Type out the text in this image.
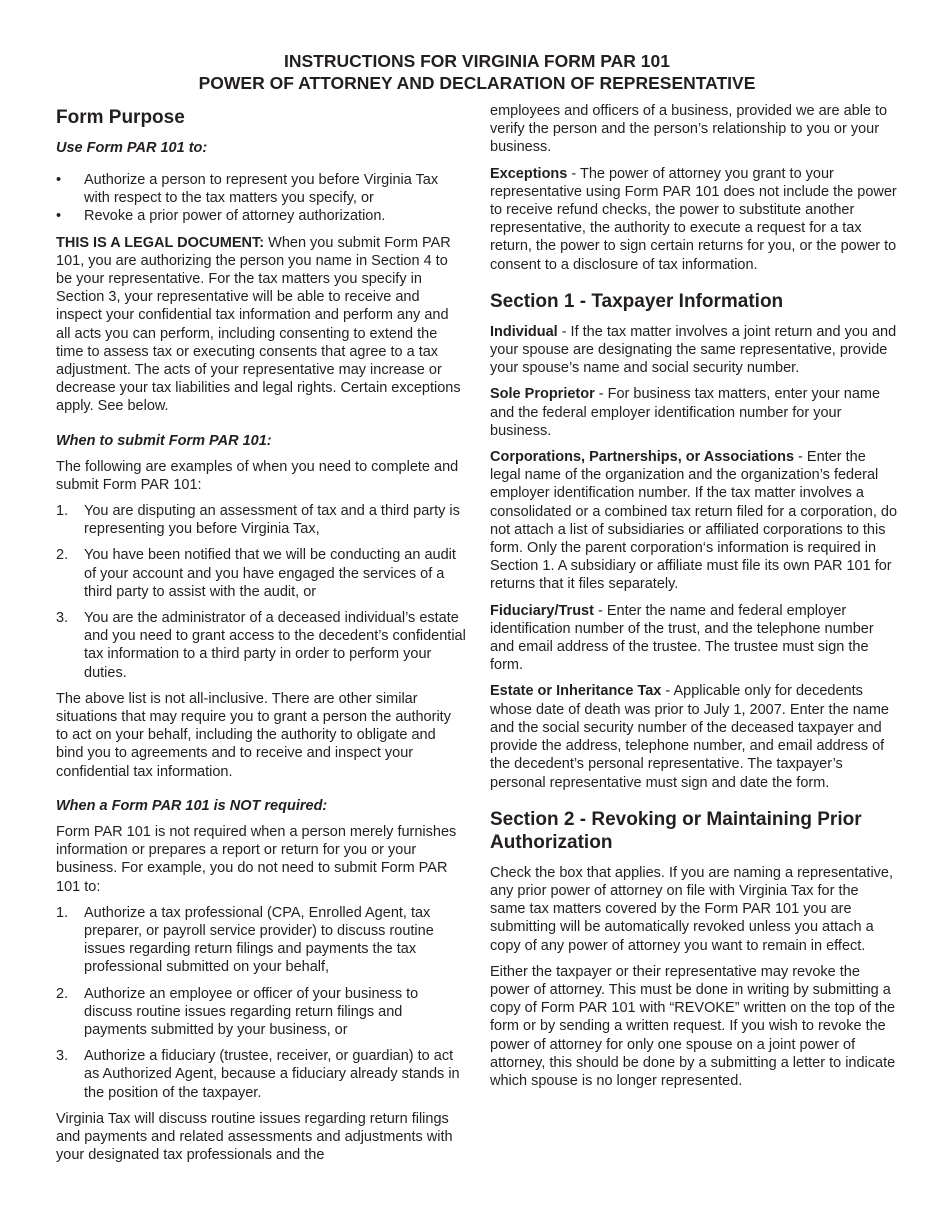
INSTRUCTIONS FOR VIRGINIA FORM PAR 101
POWER OF ATTORNEY AND DECLARATION OF REPRESENTATIVE
Form Purpose
Use Form PAR 101 to:
• Authorize a person to represent you before Virginia Tax with respect to the tax matters you specify, or
• Revoke a prior power of attorney authorization.

THIS IS A LEGAL DOCUMENT: When you submit Form PAR 101, you are authorizing the person you name in Section 4 to be your representative. For the tax matters you specify in Section 3, your representative will be able to receive and inspect your confidential tax information and perform any and all acts you can perform, including consenting to extend the time to assess tax or executing consents that agree to a tax adjustment. The acts of your representative may increase or decrease your tax liabilities and legal rights. Certain exceptions apply. See below.

When to submit Form PAR 101:

The following are examples of when you need to complete and submit Form PAR 101:

1. You are disputing an assessment of tax and a third party is representing you before Virginia Tax,
2. You have been notified that we will be conducting an audit of your account and you have engaged the services of a third party to assist with the audit, or
3. You are the administrator of a deceased individual’s estate and you need to grant access to the decedent’s confidential tax information to a third party in order to perform your duties.

The above list is not all-inclusive. There are other similar situations that may require you to grant a person the authority to act on your behalf, including the authority to obligate and bind you to agreements and to receive and inspect your confidential tax information.

When a Form PAR 101 is NOT required:

Form PAR 101 is not required when a person merely furnishes information or prepares a report or return for you or your business. For example, you do not need to submit Form PAR 101 to:

1. Authorize a tax professional (CPA, Enrolled Agent, tax preparer, or payroll service provider) to discuss routine issues regarding return filings and payments the tax professional submitted on your behalf,
2. Authorize an employee or officer of your business to discuss routine issues regarding return filings and payments submitted by your business, or
3. Authorize a fiduciary (trustee, receiver, or guardian) to act as Authorized Agent, because a fiduciary already stands in the position of the taxpayer.

Virginia Tax will discuss routine issues regarding return filings and payments and related assessments and adjustments with your designated tax professionals and the

employees and officers of a business, provided we are able to verify the person and the person’s relationship to you or your business.

Exceptions - The power of attorney you grant to your representative using Form PAR 101 does not include the power to receive refund checks, the power to substitute another representative, the authority to execute a request for a tax return, the power to sign certain returns for you, or the power to consent to a disclosure of tax information.

Section 1 - Taxpayer Information

Individual - If the tax matter involves a joint return and you and your spouse are designating the same representative, provide your spouse’s name and social security number.

Sole Proprietor - For business tax matters, enter your name and the federal employer identification number for your business.

Corporations, Partnerships, or Associations - Enter the legal name of the organization and the organization’s federal employer identification number. If the tax matter involves a consolidated or a combined tax return filed for a corporation, do not attach a list of subsidiaries or affiliated corporations to this form. Only the parent corporation‘s information is required in Section 1. A subsidiary or affiliate must file its own PAR 101 for returns that it files separately.

Fiduciary/Trust - Enter the name and federal employer identification number of the trust, and the telephone number and email address of the trustee. The trustee must sign the form.

Estate or Inheritance Tax - Applicable only for decedents whose date of death was prior to July 1, 2007. Enter the name and the social security number of the deceased taxpayer and provide the address, telephone number, and email address of the decedent’s personal representative. The taxpayer’s personal representative must sign and date the form.

Section 2 - Revoking or Maintaining Prior Authorization

Check the box that applies. If you are naming a representative, any prior power of attorney on file with Virginia Tax for the same tax matters covered by the Form PAR 101 you are submitting will be automatically revoked unless you attach a copy of any power of attorney you want to remain in effect.

Either the taxpayer or their representative may revoke the power of attorney. This must be done in writing by submitting a copy of Form PAR 101 with “REVOKE” written on the top of the form or by sending a written request. If you wish to revoke the power of attorney for only one spouse on a joint power of attorney, this should be done by a submitting a letter to indicate which spouse is no longer represented.
